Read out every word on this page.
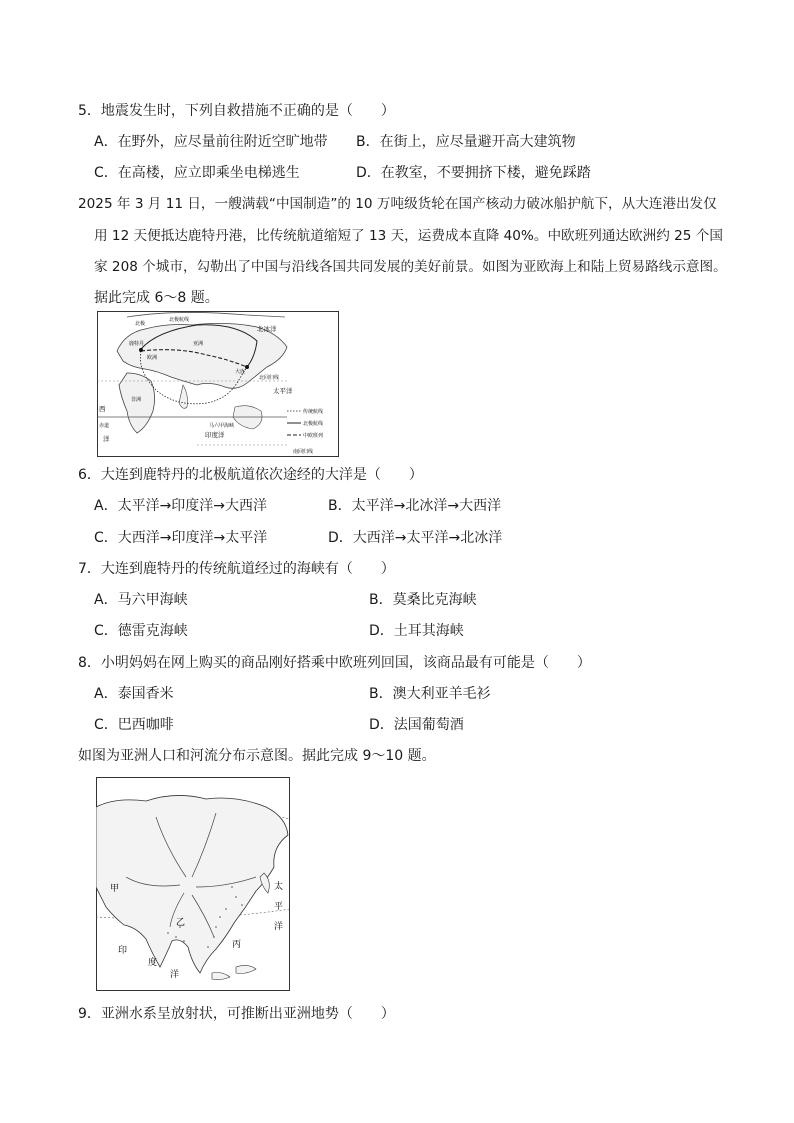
5．地震发生时，下列自救措施不正确的是（　　）
A．在野外，应尽量前往附近空旷地带 B．在街上，应尽量避开高大建筑物
C．在高楼，应立即乘坐电梯逃生	D．在教室，不要拥挤下楼，避免踩踏
2025 年 3 月 11 日，一艘满载“中国制造”的 10 万吨级货轮在国产核动力破冰船护航下，从大连港出发仅
用 12 天便抵达鹿特丹港，比传统航道缩短了 13 天，运费成本直降 40%。中欧班列通达欧洲约 25 个国
家 208 个城市，勾勒出了中国与沿线各国共同发展的美好前景。如图为亚欧海上和陆上贸易路线示意图。
据此完成 6～8 题。
北极
北极航线
北冰洋
鹿特丹
欧洲
亚洲
大连
北回归线
太平洋
非洲
马六甲海峡
印度洋
西
赤道
洋
南回归线
传统航线
北极航线
中欧班列
6．大连到鹿特丹的北极航道依次途经的大洋是（　　）
A．太平洋→印度洋→大西洋	B．太平洋→北冰洋→大西洋
C．大西洋→印度洋→太平洋	D．大西洋→太平洋→北冰洋
7．大连到鹿特丹的传统航道经过的海峡有（　　）
A．马六甲海峡	B．莫桑比克海峡
C．德雷克海峡	D．土耳其海峡
8．小明妈妈在网上购买的商品刚好搭乘中欧班列回国，该商品最有可能是（　　）
A．泰国香米	B．澳大利亚羊毛衫
C．巴西咖啡	D．法国葡萄酒
如图为亚洲人口和河流分布示意图。据此完成 9～10 题。
甲
乙
丙
印
度
洋
太
平
洋
9．亚洲水系呈放射状，可推断出亚洲地势（　　）
